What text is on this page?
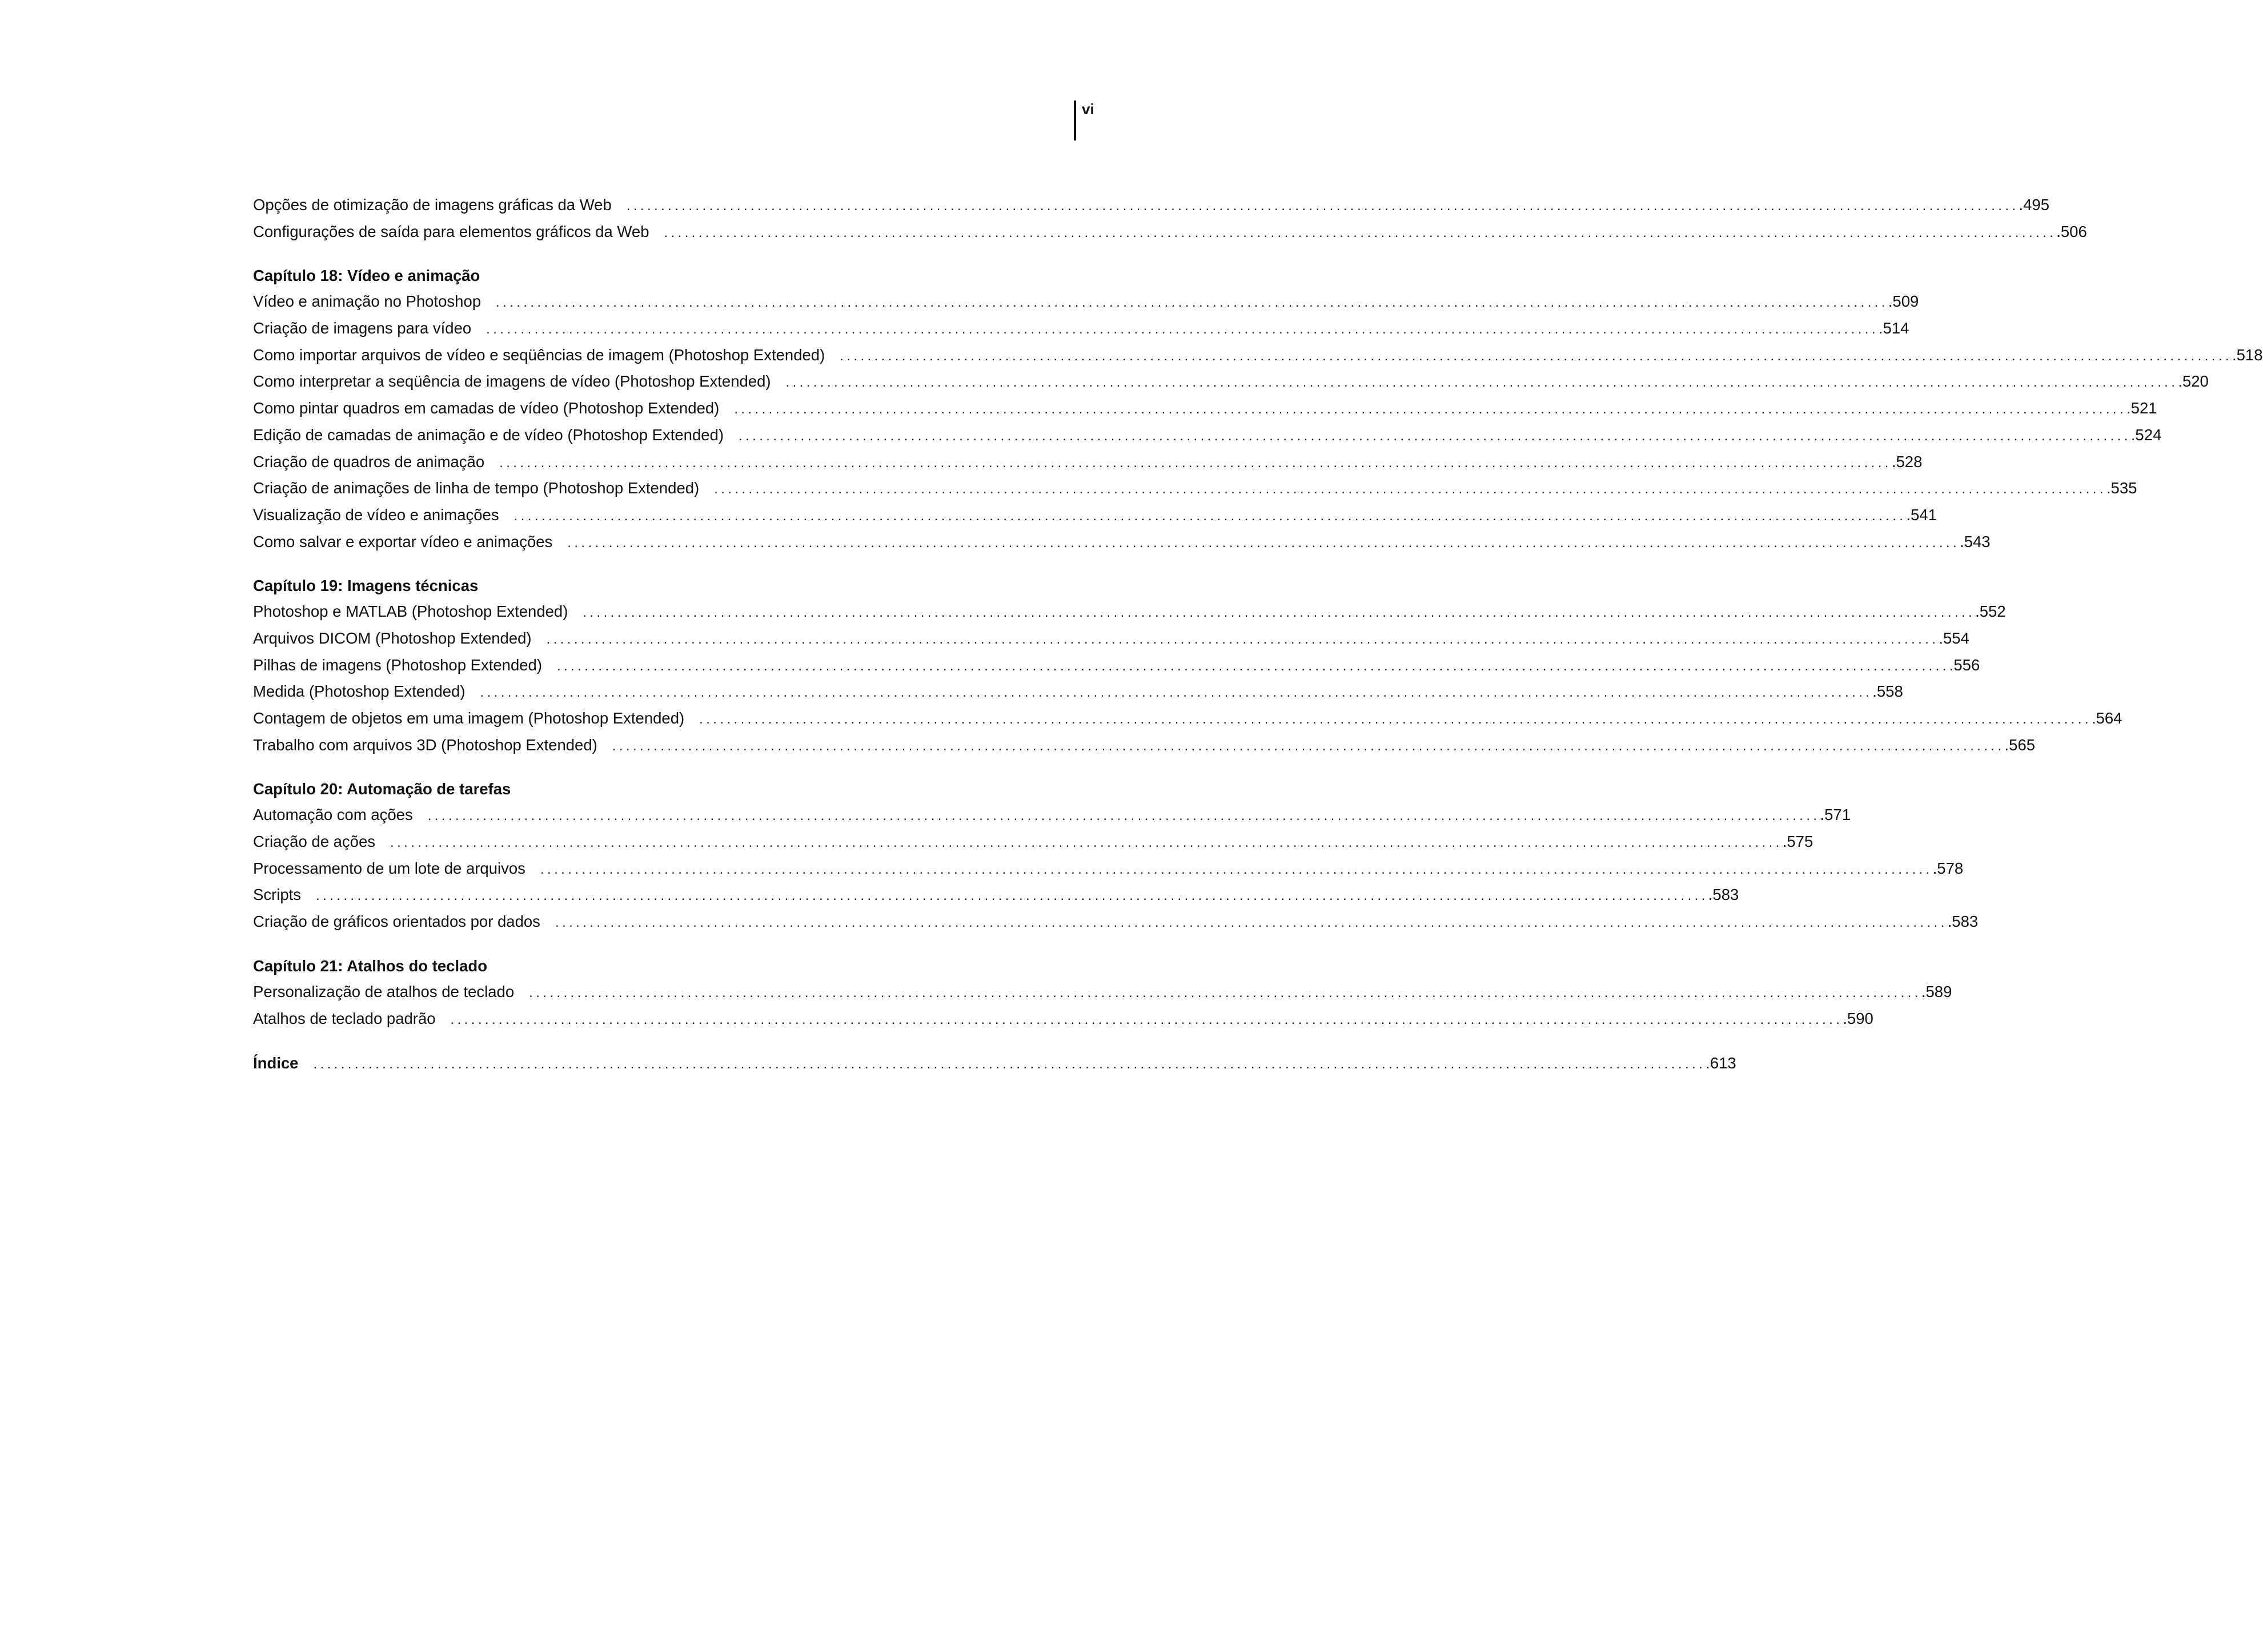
vi
Opções de otimização de imagens gráficas da Web	.......................................................................................................................................................................................................... .495
Configurações de saída para elementos gráficos da Web	.......................................................................................................................................................................................................... .506
Capítulo 18: Vídeo e animação
Vídeo e animação no Photoshop	.......................................................................................................................................................................................................... .509
Criação de imagens para vídeo	.......................................................................................................................................................................................................... .514
Como importar arquivos de vídeo e seqüências de imagem (Photoshop Extended)	.......................................................................................................................................................................................................... .518
Como interpretar a seqüência de imagens de vídeo (Photoshop Extended)	.......................................................................................................................................................................................................... .520
Como pintar quadros em camadas de vídeo (Photoshop Extended)	.......................................................................................................................................................................................................... .521
Edição de camadas de animação e de vídeo (Photoshop Extended)	.......................................................................................................................................................................................................... .524
Criação de quadros de animação	.......................................................................................................................................................................................................... .528
Criação de animações de linha de tempo (Photoshop Extended)	.......................................................................................................................................................................................................... .535
Visualização de vídeo e animações	.......................................................................................................................................................................................................... .541
Como salvar e exportar vídeo e animações	.......................................................................................................................................................................................................... .543
Capítulo 19: Imagens técnicas
Photoshop e MATLAB (Photoshop Extended)	.......................................................................................................................................................................................................... .552
Arquivos DICOM (Photoshop Extended)	.......................................................................................................................................................................................................... .554
Pilhas de imagens (Photoshop Extended)	.......................................................................................................................................................................................................... .556
Medida (Photoshop Extended)	.......................................................................................................................................................................................................... .558
Contagem de objetos em uma imagem (Photoshop Extended)	.......................................................................................................................................................................................................... .564
Trabalho com arquivos 3D (Photoshop Extended)	.......................................................................................................................................................................................................... .565
Capítulo 20: Automação de tarefas
Automação com ações	.......................................................................................................................................................................................................... .571
Criação de ações	.......................................................................................................................................................................................................... .575
Processamento de um lote de arquivos	.......................................................................................................................................................................................................... .578
Scripts	.......................................................................................................................................................................................................... .583
Criação de gráficos orientados por dados	.......................................................................................................................................................................................................... .583
Capítulo 21: Atalhos do teclado
Personalização de atalhos de teclado	.......................................................................................................................................................................................................... .589
Atalhos de teclado padrão	.......................................................................................................................................................................................................... .590
Índice	.......................................................................................................................................................................................................... .613
